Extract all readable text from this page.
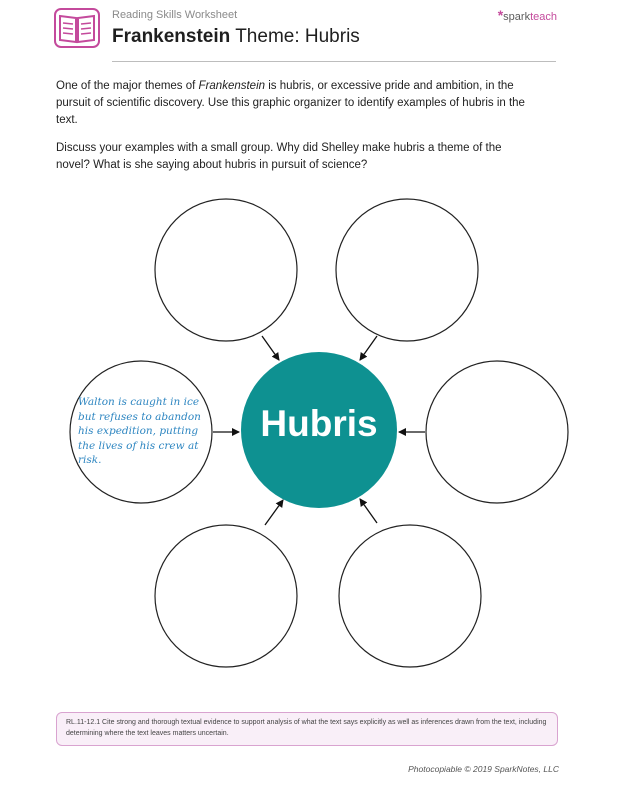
Reading Skills Worksheet
Frankenstein Theme: Hubris
*sparkteach

One of the major themes of Frankenstein is hubris, or excessive pride and ambition, in the pursuit of scientific discovery. Use this graphic organizer to identify examples of hubris in the text.

Discuss your examples with a small group. Why did Shelley make hubris a theme of the novel? What is she saying about hubris in pursuit of science?

Hubris
Walton is caught in ice but refuses to abandon his expedition, putting the lives of his crew at risk.
RL.11-12.1 Cite strong and thorough textual evidence to support analysis of what the text says explicitly as well as inferences drawn from the text, including determining where the text leaves matters uncertain.
Photocopiable © 2019 SparkNotes, LLC
